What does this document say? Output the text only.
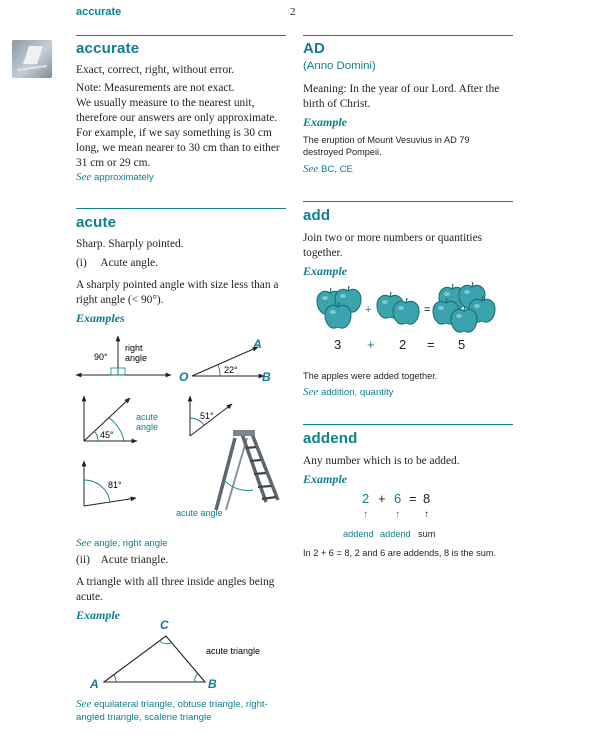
accurate	2
accurate
Exact, correct, right, without error.
Note: Measurements are not exact.
We usually measure to the nearest unit,
therefore our answers are only approximate.
For example, if we say something is 30 cm
long, we mean nearer to 30 cm than to either
31 cm or 29 cm.
See approximately
acute
Sharp. Sharply pointed.
(i)     Acute angle.
A sharply pointed angle with size less than a
right angle (< 90°).
Examples
90°
right
angle
22°
A
O	B
45°
acute
angle
51°
81°
acute angle
See angle, right angle
(ii)    Acute triangle.
A triangle with all three inside angles being
acute.
Example
C
A	B
acute triangle
See equilateral triangle, obtuse triangle, right-
angled triangle, scalene triangle
AD
(Anno Domini)
Meaning: In the year of our Lord. After the
birth of Christ.
Example
The eruption of Mount Vesuvius in AD 79
destroyed Pompeii.
See BC, CE
add
Join two or more numbers or quantities
together.
Example
+	=
3 + 2 = 5
The apples were added together.
See addition, quantity
addend
Any number which is to be added.
Example
2 + 6 = 8
↑	↑ ↑
addend addend sum
In 2 + 6 = 8, 2 and 6 are addends, 8 is the sum.
